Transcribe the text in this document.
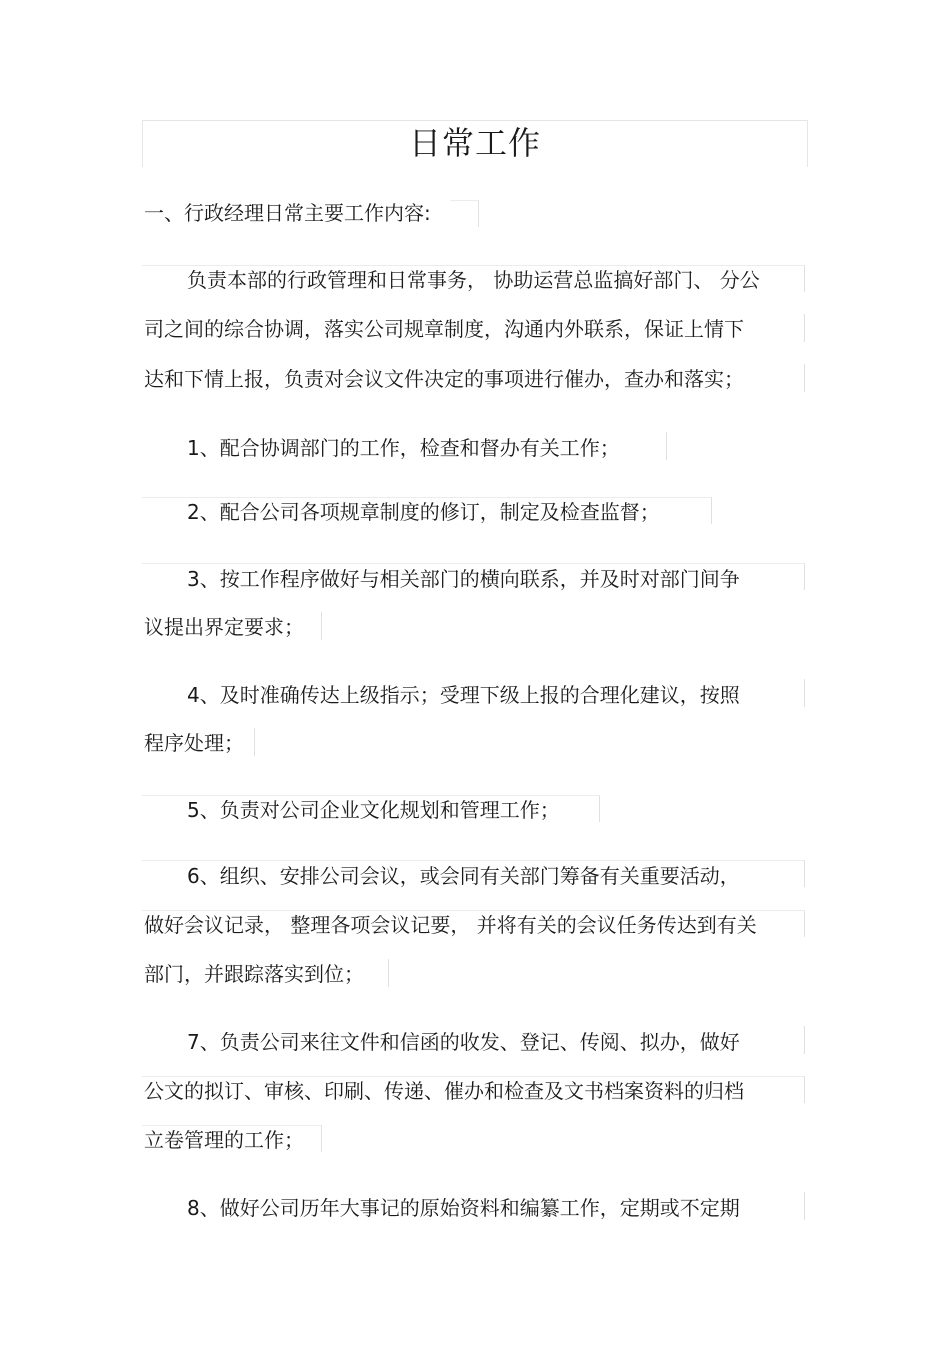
日常工作
一、行政经理日常主要工作内容:
负责本部的行政管理和日常事务， 协助运营总监搞好部门、 分公
司之间的综合协调，落实公司规章制度，沟通内外联系，保证上情下
达和下情上报，负责对会议文件决定的事项进行催办，查办和落实；
1、配合协调部门的工作，检查和督办有关工作；
2、配合公司各项规章制度的修订，制定及检查监督；
3、按工作程序做好与相关部门的横向联系，并及时对部门间争
议提出界定要求；
4、及时准确传达上级指示；受理下级上报的合理化建议，按照
程序处理；
5、负责对公司企业文化规划和管理工作；
6、组织、安排公司会议，或会同有关部门筹备有关重要活动，
做好会议记录， 整理各项会议记要， 并将有关的会议任务传达到有关
部门，并跟踪落实到位；
7、负责公司来往文件和信函的收发、登记、传阅、拟办，做好
公文的拟订、审核、印刷、传递、催办和检查及文书档案资料的归档
立卷管理的工作；
8、做好公司历年大事记的原始资料和编纂工作，定期或不定期
